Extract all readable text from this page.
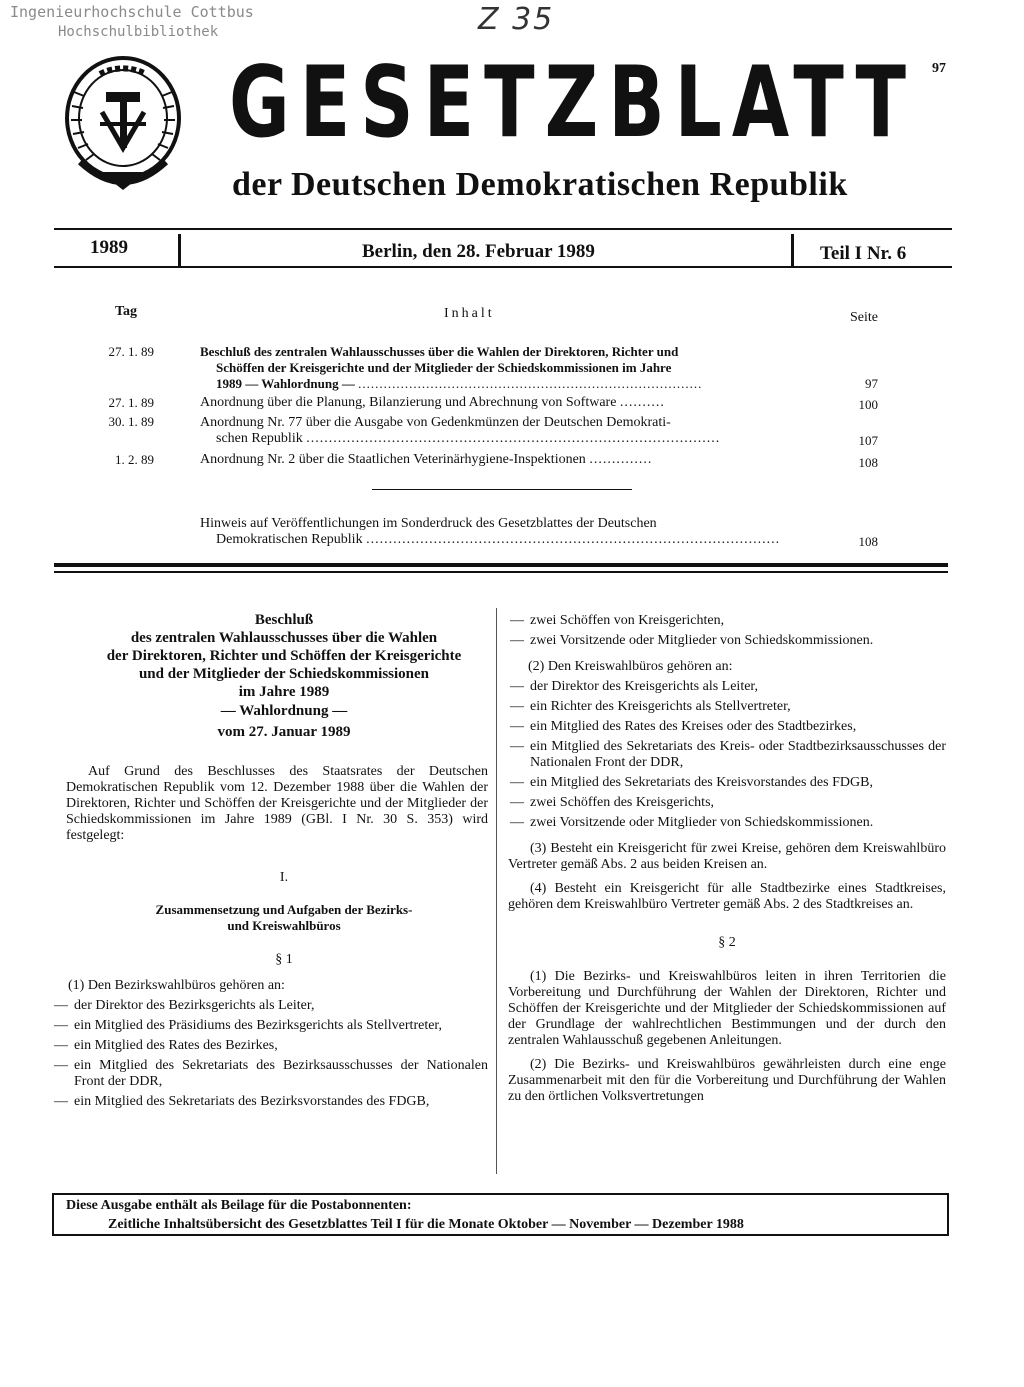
Ingenieurhochschule Cottbus
Hochschulbibliothek	Z 35
GESETZBLATT
der Deutschen Demokratischen Republik
97
1989	Berlin, den 28. Februar 1989	Teil I Nr. 6
Tag	Inhalt	Seite
27. 1. 89	Beschluß des zentralen Wahlausschusses über die Wahlen der Direktoren, Richter und
Schöffen der Kreisgerichte und der Mitglieder der Schiedskommissionen im Jahre
1989 — Wahlordnung — .................................................................................	97
27. 1. 89	Anordnung über die Planung, Bilanzierung und Abrechnung von Software ..........	100
30. 1. 89	Anordnung Nr. 77 über die Ausgabe von Gedenkmünzen der Deutschen Demokrati-
schen Republik ............................................................................................	107
1. 2. 89	Anordnung Nr. 2 über die Staatlichen Veterinärhygiene-Inspektionen ..............	108
Hinweis auf Veröffentlichungen im Sonderdruck des Gesetzblattes der Deutschen
Demokratischen Republik ............................................................................................	108

Beschluß

des zentralen Wahlausschusses über die Wahlen

der Direktoren, Richter und Schöffen der Kreisgerichte

und der Mitglieder der Schiedskommissionen

im Jahre 1989

— Wahlordnung —

vom 27. Januar 1989

Auf Grund des Beschlusses des Staatsrates der Deutschen Demokratischen Republik vom 12. Dezember 1988 über die Wahlen der Direktoren, Richter und Schöffen der Kreisgerichte und der Mitglieder der Schiedskommissionen im Jahre 1989 (GBl. I Nr. 30 S. 353) wird festgelegt:

I.

Zusammensetzung und Aufgaben der Bezirks-

und Kreiswahlbüros

§ 1

(1) Den Bezirkswahlbüros gehören an:

— der Direktor des Bezirksgerichts als Leiter,
— ein Mitglied des Präsidiums des Bezirksgerichts als Stellvertreter,
— ein Mitglied des Rates des Bezirkes,
— ein Mitglied des Sekretariats des Bezirksausschusses der Nationalen Front der DDR,
— ein Mitglied des Sekretariats des Bezirksvorstandes des FDGB,
— zwei Schöffen von Kreisgerichten,
— zwei Vorsitzende oder Mitglieder von Schiedskommissionen.

(2) Den Kreiswahlbüros gehören an:

— der Direktor des Kreisgerichts als Leiter,
— ein Richter des Kreisgerichts als Stellvertreter,
— ein Mitglied des Rates des Kreises oder des Stadtbezirkes,
— ein Mitglied des Sekretariats des Kreis- oder Stadtbezirksausschusses der Nationalen Front der DDR,
— ein Mitglied des Sekretariats des Kreisvorstandes des FDGB,
— zwei Schöffen des Kreisgerichts,
— zwei Vorsitzende oder Mitglieder von Schiedskommissionen.

(3) Besteht ein Kreisgericht für zwei Kreise, gehören dem Kreiswahlbüro Vertreter gemäß Abs. 2 aus beiden Kreisen an.

(4) Besteht ein Kreisgericht für alle Stadtbezirke eines Stadtkreises, gehören dem Kreiswahlbüro Vertreter gemäß Abs. 2 des Stadtkreises an.

§ 2

(1) Die Bezirks- und Kreiswahlbüros leiten in ihren Territorien die Vorbereitung und Durchführung der Wahlen der Direktoren, Richter und Schöffen der Kreisgerichte und der Mitglieder der Schiedskommissionen auf der Grundlage der wahlrechtlichen Bestimmungen und der durch den zentralen Wahlausschuß gegebenen Anleitungen.

(2) Die Bezirks- und Kreiswahlbüros gewährleisten durch eine enge Zusammenarbeit mit den für die Vorbereitung und Durchführung der Wahlen zu den örtlichen Volksvertretungen

Diese Ausgabe enthält als Beilage für die Postabonnenten:

Zeitliche Inhaltsübersicht des Gesetzblattes Teil I für die Monate Oktober — November — Dezember 1988
